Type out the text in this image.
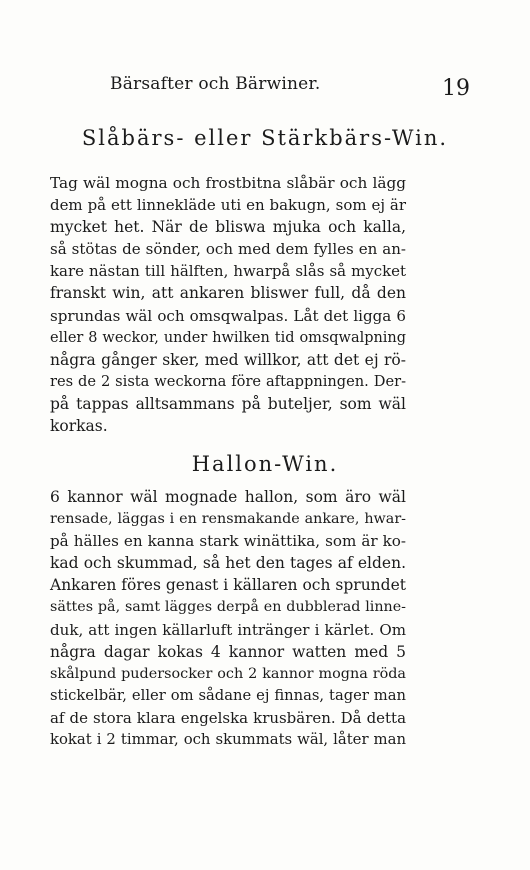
Bärsafter och Bärwiner.	19
Slåbärs- eller Stärkbärs-Win.
Tag wäl mogna och frostbitna slåbär och lägg
dem på ett linnekläde uti en bakugn, som ej är
mycket het. När de bliswa mjuka och kalla,
så stötas de sönder, och med dem fylles en an-
kare nästan till hälften, hwarpå slås så mycket
franskt win, att ankaren bliswer full, då den
sprundas wäl och omsqwalpas. Låt det ligga 6
eller 8 weckor, under hwilken tid omsqwalpning
några gånger sker, med willkor, att det ej rö-
res de 2 sista weckorna före aftappningen. Der-
på tappas alltsammans på buteljer, som wäl
korkas.
Hallon-Win.
6 kannor wäl mognade hallon, som äro wäl
rensade, läggas i en rensmakande ankare, hwar-
på hälles en kanna stark winättika, som är ko-
kad och skummad, så het den tages af elden.
Ankaren föres genast i källaren och sprundet
sättes på, samt lägges derpå en dubblerad linne-
duk, att ingen källarluft intränger i kärlet. Om
några dagar kokas 4 kannor watten med 5
skålpund pudersocker och 2 kannor mogna röda
stickelbär, eller om sådane ej finnas, tager man
af de stora klara engelska krusbären. Då detta
kokat i 2 timmar, och skummats wäl, låter man
